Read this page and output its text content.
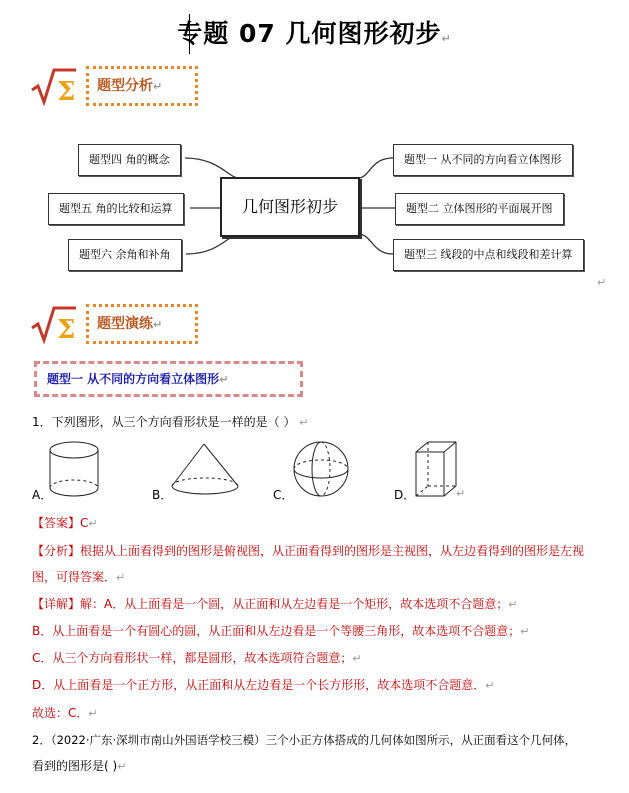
专题 07 几何图形初步↵
Σ	题型分析↵
题型四 角的概念
题型五 角的比较和运算
题型六 余角和补角
几何图形初步
题型一 从不同的方向看立体图形
题型二 立体图形的平面展开图
题型三 线段的中点和线段和差计算
↵
Σ	题型演练↵
题型一 从不同的方向看立体图形↵
1．下列图形，从三个方向看形状是一样的是（ ） ↵
A．	B．	C．	D．	↵
【答案】C↵
【分析】根据从上面看得到的图形是俯视图，从正面看得到的图形是主视图，从左边看得到的图形是左视
图，可得答案．↵
【详解】解：A．从上面看是一个圆，从正面和从左边看是一个矩形，故本选项不合题意；↵
B．从上面看是一个有圆心的圆，从正面和从左边看是一个等腰三角形，故本选项不合题意；↵
C．从三个方向看形状一样，都是圆形，故本选项符合题意；↵
D．从上面看是一个正方形，从正面和从左边看是一个长方形形，故本选项不合题意．↵
故选：C．↵
2．（2022·广东·深圳市南山外国语学校三模）三个小正方体搭成的几何体如图所示，从正面看这个几何体，
看到的图形是( )↵
